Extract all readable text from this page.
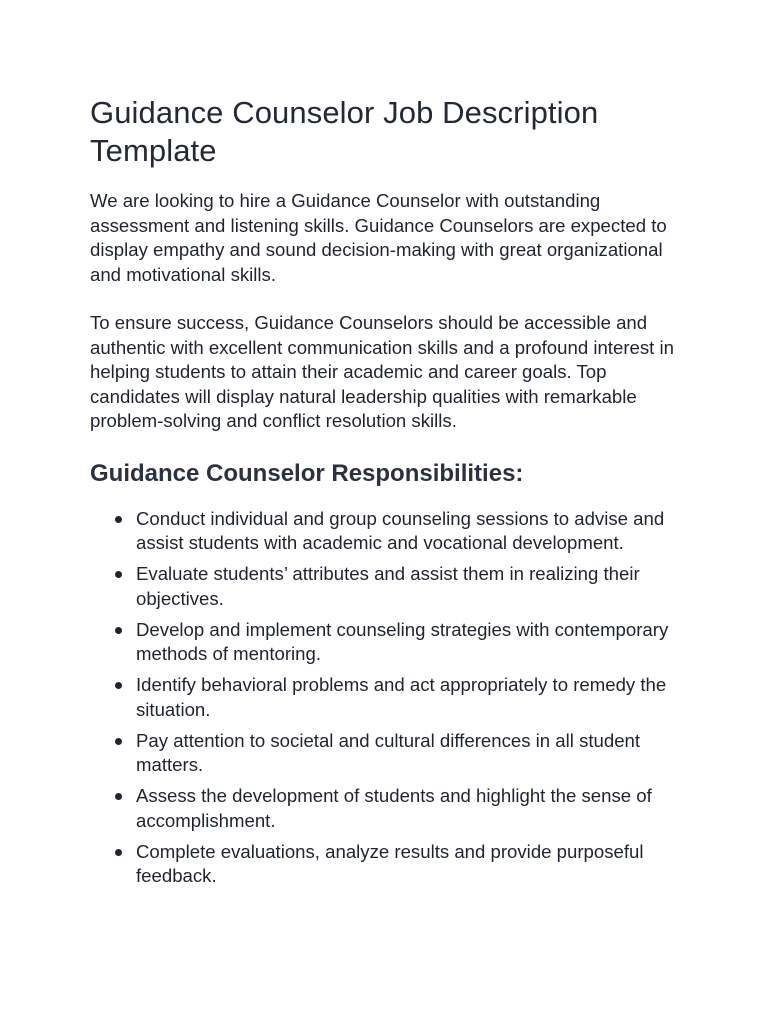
Guidance Counselor Job Description Template

We are looking to hire a Guidance Counselor with outstanding assessment and listening skills. Guidance Counselors are expected to display empathy and sound decision-making with great organizational and motivational skills.

To ensure success, Guidance Counselors should be accessible and authentic with excellent communication skills and a profound interest in helping students to attain their academic and career goals. Top candidates will display natural leadership qualities with remarkable problem-solving and conflict resolution skills.

Guidance Counselor Responsibilities:
Conduct individual and group counseling sessions to advise and assist students with academic and vocational development.
Evaluate students’ attributes and assist them in realizing their objectives.
Develop and implement counseling strategies with contemporary methods of mentoring.
Identify behavioral problems and act appropriately to remedy the situation.
Pay attention to societal and cultural differences in all student matters.
Assess the development of students and highlight the sense of accomplishment.
Complete evaluations, analyze results and provide purposeful feedback.
